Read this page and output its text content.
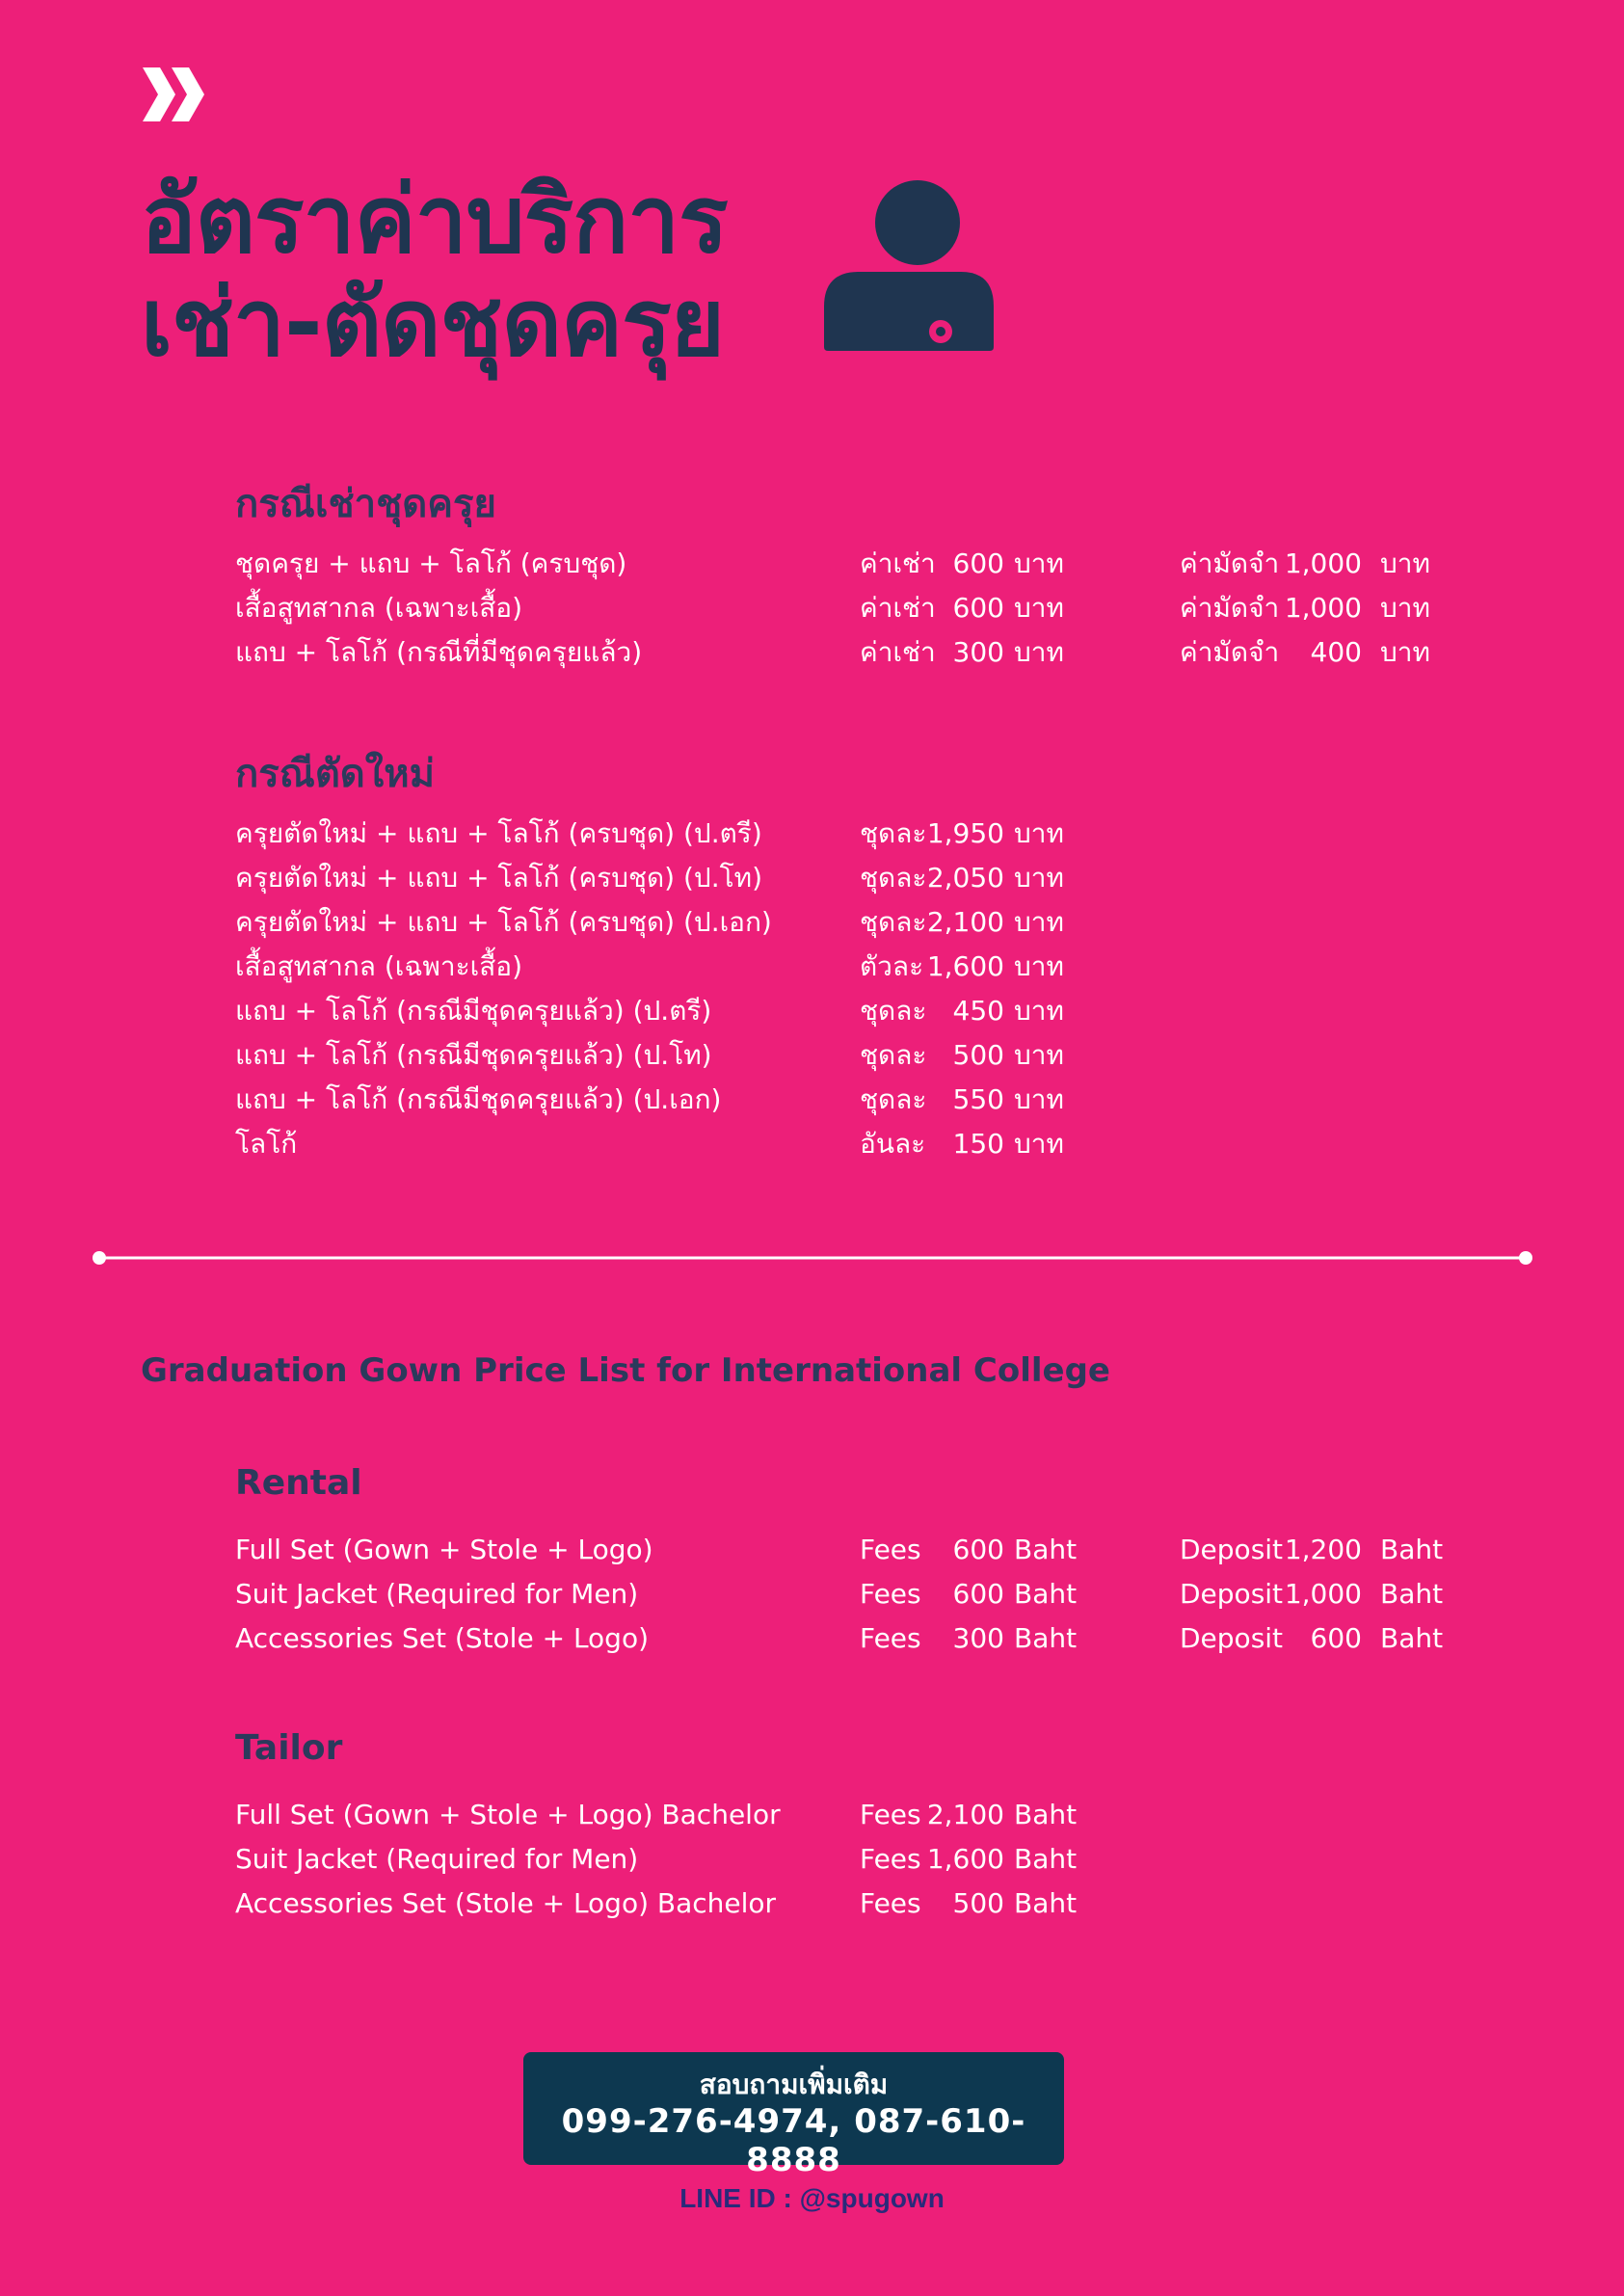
อัตราค่าบริการ
เช่า-ตัดชุดครุย
กรณีเช่าชุดครุย
ชุดครุย + แถบ + โลโก้ (ครบชุด)	ค่าเช่า 600 บาท	ค่ามัดจำ 1,000 บาท
เสื้อสูทสากล (เฉพาะเสื้อ)	ค่าเช่า 600 บาท	ค่ามัดจำ 1,000 บาท
แถบ + โลโก้ (กรณีที่มีชุดครุยแล้ว)	ค่าเช่า 300 บาท	ค่ามัดจำ 400 บาท
กรณีตัดใหม่
ครุยตัดใหม่ + แถบ + โลโก้ (ครบชุด) (ป.ตรี)	ชุดละ 1,950 บาท
ครุยตัดใหม่ + แถบ + โลโก้ (ครบชุด) (ป.โท)	ชุดละ 2,050 บาท
ครุยตัดใหม่ + แถบ + โลโก้ (ครบชุด) (ป.เอก)	ชุดละ 2,100 บาท
เสื้อสูทสากล (เฉพาะเสื้อ)	ตัวละ 1,600 บาท
แถบ + โลโก้ (กรณีมีชุดครุยแล้ว) (ป.ตรี)	ชุดละ 450 บาท
แถบ + โลโก้ (กรณีมีชุดครุยแล้ว) (ป.โท)	ชุดละ 500 บาท
แถบ + โลโก้ (กรณีมีชุดครุยแล้ว) (ป.เอก)	ชุดละ 550 บาท
โลโก้	อันละ 150 บาท
Graduation Gown Price List for International College
Rental
Full Set (Gown + Stole + Logo)	Fees 600 Baht	Deposit 1,200 Baht
Suit Jacket (Required for Men)	Fees 600 Baht	Deposit 1,000 Baht
Accessories Set (Stole + Logo)	Fees 300 Baht	Deposit 600 Baht
Tailor
Full Set (Gown + Stole + Logo) Bachelor	Fees 2,100 Baht
Suit Jacket (Required for Men)	Fees 1,600 Baht
Accessories Set (Stole + Logo) Bachelor	Fees 500 Baht
สอบถามเพิ่มเติม
099-276-4974, 087-610-8888
LINE ID : @spugown
